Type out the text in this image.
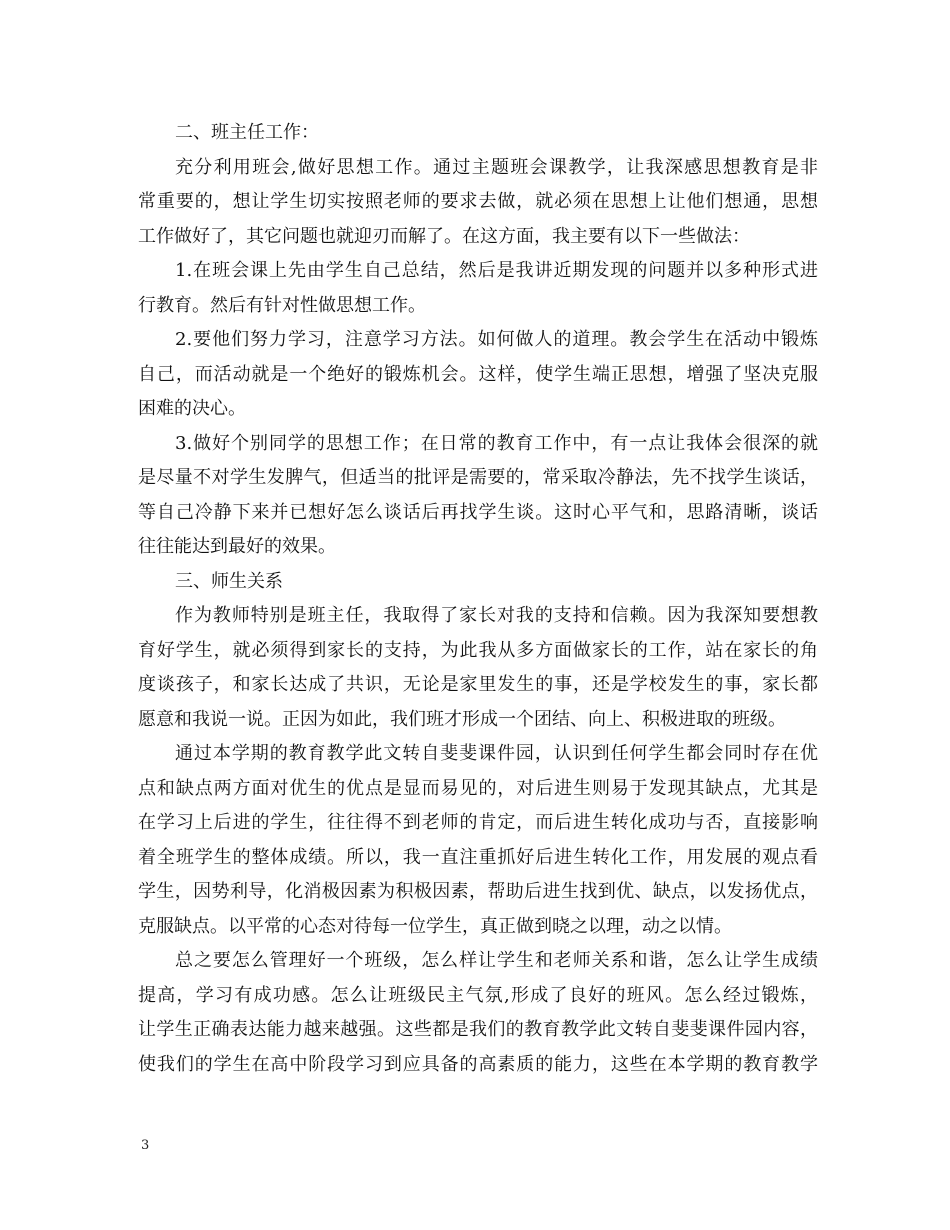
二、班主任工作：
充分利用班会,做好思想工作。通过主题班会课教学，让我深感思想教育是非
常重要的，想让学生切实按照老师的要求去做，就必须在思想上让他们想通，思想
工作做好了，其它问题也就迎刃而解了。在这方面，我主要有以下一些做法：
1.在班会课上先由学生自己总结，然后是我讲近期发现的问题并以多种形式进
行教育。然后有针对性做思想工作。
2.要他们努力学习，注意学习方法。如何做人的道理。教会学生在活动中锻炼
自己，而活动就是一个绝好的锻炼机会。这样，使学生端正思想，增强了坚决克服
困难的决心。
3.做好个别同学的思想工作；在日常的教育工作中，有一点让我体会很深的就
是尽量不对学生发脾气，但适当的批评是需要的，常采取冷静法，先不找学生谈话，
等自己冷静下来并已想好怎么谈话后再找学生谈。这时心平气和，思路清晰，谈话
往往能达到最好的效果。
三、师生关系
作为教师特别是班主任，我取得了家长对我的支持和信赖。因为我深知要想教
育好学生，就必须得到家长的支持，为此我从多方面做家长的工作，站在家长的角
度谈孩子，和家长达成了共识，无论是家里发生的事，还是学校发生的事，家长都
愿意和我说一说。正因为如此，我们班才形成一个团结、向上、积极进取的班级。
通过本学期的教育教学此文转自斐斐课件园，认识到任何学生都会同时存在优
点和缺点两方面对优生的优点是显而易见的，对后进生则易于发现其缺点，尤其是
在学习上后进的学生，往往得不到老师的肯定，而后进生转化成功与否，直接影响
着全班学生的整体成绩。所以，我一直注重抓好后进生转化工作，用发展的观点看
学生，因势利导，化消极因素为积极因素，帮助后进生找到优、缺点，以发扬优点，
克服缺点。以平常的心态对待每一位学生，真正做到晓之以理，动之以情。
总之要怎么管理好一个班级，怎么样让学生和老师关系和谐，怎么让学生成绩
提高，学习有成功感。怎么让班级民主气氛,形成了良好的班风。怎么经过锻炼，
让学生正确表达能力越来越强。这些都是我们的教育教学此文转自斐斐课件园内容，
使我们的学生在高中阶段学习到应具备的高素质的能力，这些在本学期的教育教学
3
